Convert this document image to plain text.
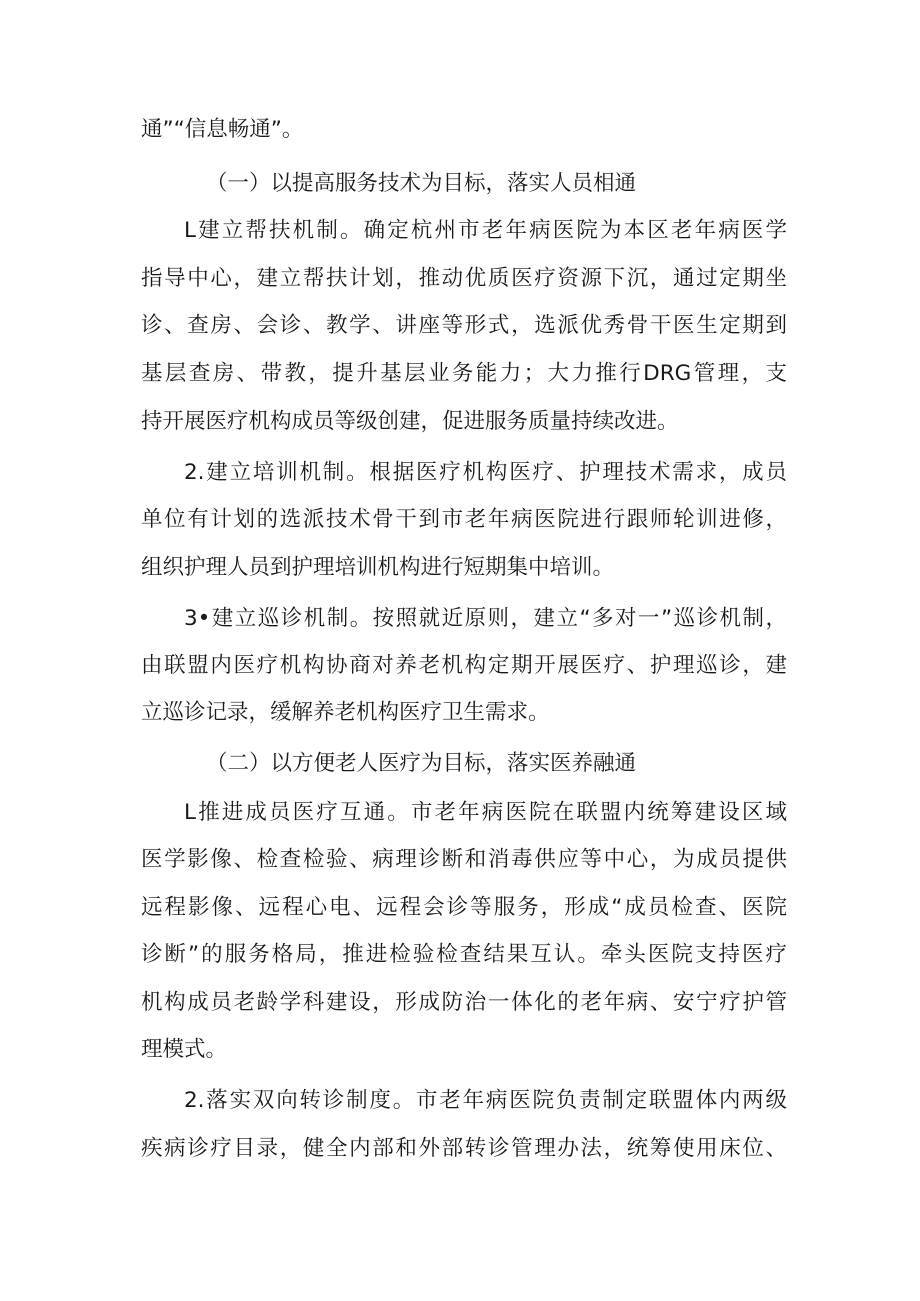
通”“信息畅通”。
（一）以提高服务技术为目标，落实人员相通
L建立帮扶机制。确定杭州市老年病医院为本区老年病医学
指导中心，建立帮扶计划，推动优质医疗资源下沉，通过定期坐
诊、查房、会诊、教学、讲座等形式，选派优秀骨干医生定期到
基层查房、带教，提升基层业务能力；大力推行DRG管理，支
持开展医疗机构成员等级创建，促进服务质量持续改进。
2.建立培训机制。根据医疗机构医疗、护理技术需求，成员
单位有计划的选派技术骨干到市老年病医院进行跟师轮训进修，
组织护理人员到护理培训机构进行短期集中培训。
3•建立巡诊机制。按照就近原则，建立“多对一”巡诊机制，
由联盟内医疗机构协商对养老机构定期开展医疗、护理巡诊，建
立巡诊记录，缓解养老机构医疗卫生需求。
（二）以方便老人医疗为目标，落实医养融通
L推进成员医疗互通。市老年病医院在联盟内统筹建设区域
医学影像、检查检验、病理诊断和消毒供应等中心，为成员提供
远程影像、远程心电、远程会诊等服务，形成“成员检查、医院
诊断”的服务格局，推进检验检查结果互认。牵头医院支持医疗
机构成员老龄学科建设，形成防治一体化的老年病、安宁疗护管
理模式。
2.落实双向转诊制度。市老年病医院负责制定联盟体内两级
疾病诊疗目录，健全内部和外部转诊管理办法，统筹使用床位、
